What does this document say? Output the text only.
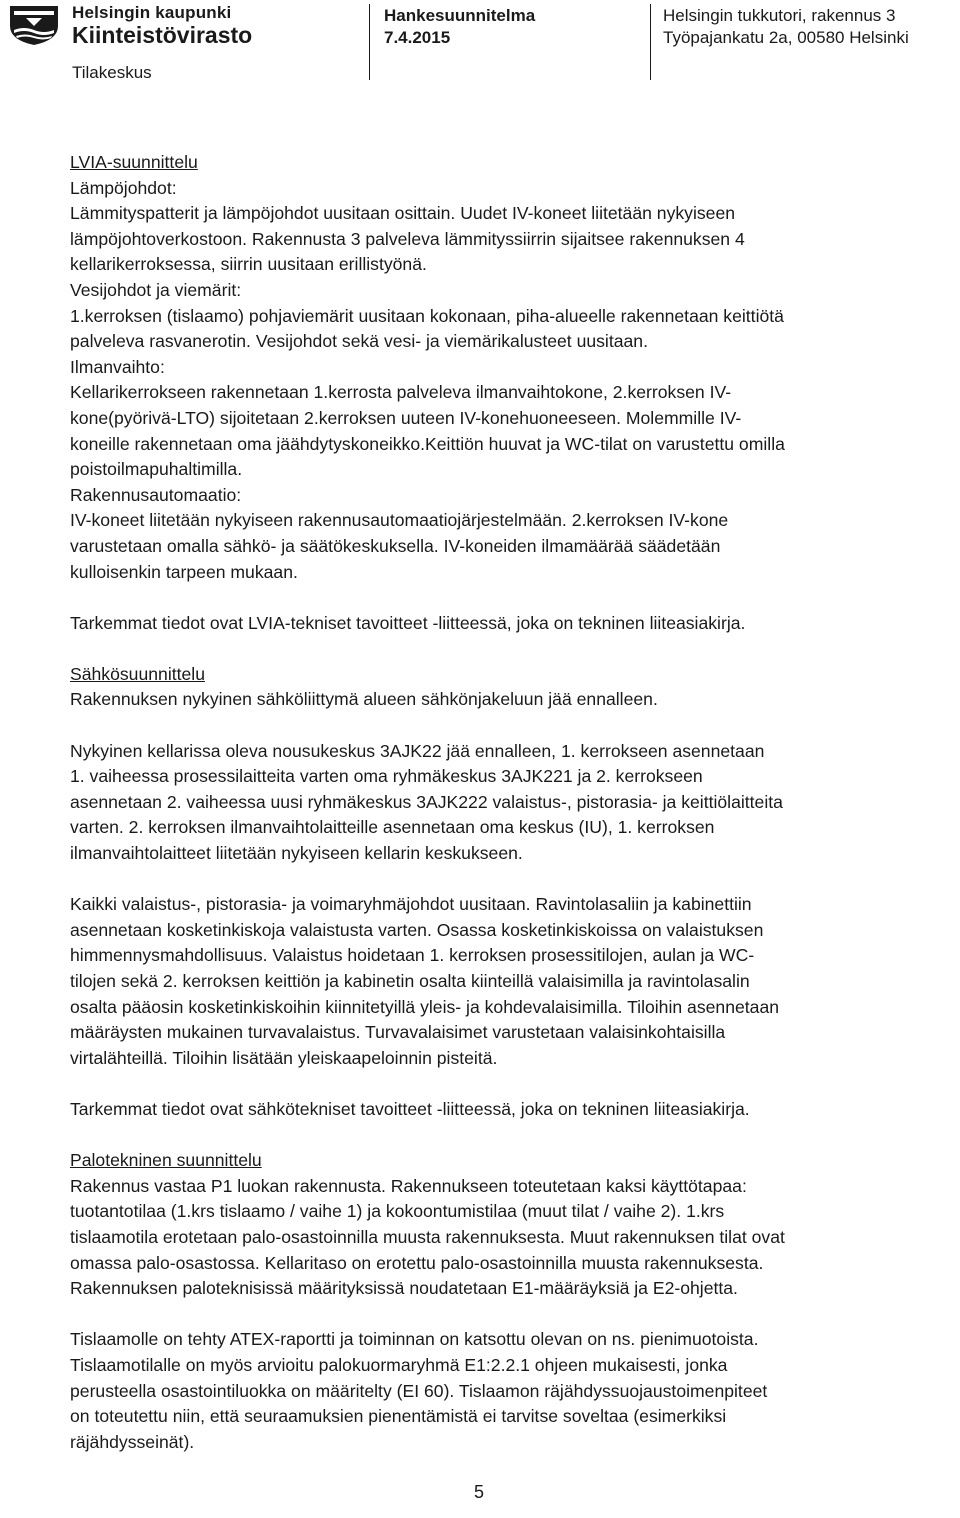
Helsingin kaupunki
Kiinteistövirasto
Tilakeskus
Hankesuunnitelma
7.4.2015
Helsingin tukkutori, rakennus 3
Työpajankatu 2a, 00580 Helsinki

LVIA-suunnittelu

Lämpöjohdot:

Lämmityspatterit ja lämpöjohdot uusitaan osittain. Uudet IV-koneet liitetään nykyiseen

lämpöjohtoverkostoon. Rakennusta 3 palveleva lämmityssiirrin sijaitsee rakennuksen 4

kellarikerroksessa, siirrin uusitaan erillistyönä.

Vesijohdot ja viemärit:

1.kerroksen (tislaamo) pohjaviemärit uusitaan kokonaan, piha-alueelle rakennetaan keittiötä

palveleva rasvanerotin. Vesijohdot sekä vesi- ja viemärikalusteet uusitaan.

Ilmanvaihto:

Kellarikerrokseen rakennetaan 1.kerrosta palveleva ilmanvaihtokone, 2.kerroksen IV-

kone(pyörivä-LTO) sijoitetaan 2.kerroksen uuteen IV-konehuoneeseen. Molemmille IV-

koneille rakennetaan oma jäähdytyskoneikko.Keittiön huuvat ja WC-tilat on varustettu omilla

poistoilmapuhaltimilla.

Rakennusautomaatio:

IV-koneet liitetään nykyiseen rakennusautomaatiojärjestelmään. 2.kerroksen IV-kone

varustetaan omalla sähkö- ja säätökeskuksella. IV-koneiden ilmamäärää säädetään

kulloisenkin tarpeen mukaan.

Tarkemmat tiedot ovat LVIA-tekniset tavoitteet -liitteessä, joka on tekninen liiteasiakirja.

Sähkösuunnittelu

Rakennuksen nykyinen sähköliittymä alueen sähkönjakeluun jää ennalleen.

Nykyinen kellarissa oleva nousukeskus 3AJK22 jää ennalleen, 1. kerrokseen asennetaan

1. vaiheessa prosessilaitteita varten oma ryhmäkeskus 3AJK221 ja 2. kerrokseen

asennetaan 2. vaiheessa uusi ryhmäkeskus 3AJK222 valaistus-, pistorasia- ja keittiölaitteita

varten. 2. kerroksen ilmanvaihtolaitteille asennetaan oma keskus (IU), 1. kerroksen

ilmanvaihtolaitteet liitetään nykyiseen kellarin keskukseen.

Kaikki valaistus-, pistorasia- ja voimaryhmäjohdot uusitaan. Ravintolasaliin ja kabinettiin

asennetaan kosketinkiskoja valaistusta varten. Osassa kosketinkiskoissa on valaistuksen

himmennysmahdollisuus. Valaistus hoidetaan 1. kerroksen prosessitilojen, aulan ja WC-

tilojen sekä 2. kerroksen keittiön ja kabinetin osalta kiinteillä valaisimilla ja ravintolasalin

osalta pääosin kosketinkiskoihin kiinnitetyillä yleis- ja kohdevalaisimilla. Tiloihin asennetaan

määräysten mukainen turvavalaistus. Turvavalaisimet varustetaan valaisinkohtaisilla

virtalähteillä. Tiloihin lisätään yleiskaapeloinnin pisteitä.

Tarkemmat tiedot ovat sähkötekniset tavoitteet -liitteessä, joka on tekninen liiteasiakirja.

Palotekninen suunnittelu

Rakennus vastaa P1 luokan rakennusta. Rakennukseen toteutetaan kaksi käyttötapaa:

tuotantotilaa (1.krs tislaamo / vaihe 1) ja kokoontumistilaa (muut tilat / vaihe 2). 1.krs

tislaamotila erotetaan palo-osastoinnilla muusta rakennuksesta. Muut rakennuksen tilat ovat

omassa palo-osastossa. Kellaritaso on erotettu palo-osastoinnilla muusta rakennuksesta.

Rakennuksen paloteknisissä määrityksissä noudatetaan E1-määräyksiä ja E2-ohjetta.

Tislaamolle on tehty ATEX-raportti ja toiminnan on katsottu olevan on ns. pienimuotoista.

Tislaamotilalle on myös arvioitu palokuormaryhmä E1:2.2.1 ohjeen mukaisesti, jonka

perusteella osastointiluokka on määritelty (EI 60). Tislaamon räjähdyssuojaustoimenpiteet

on toteutettu niin, että seuraamuksien pienentämistä ei tarvitse soveltaa (esimerkiksi

räjähdysseinät).

5
